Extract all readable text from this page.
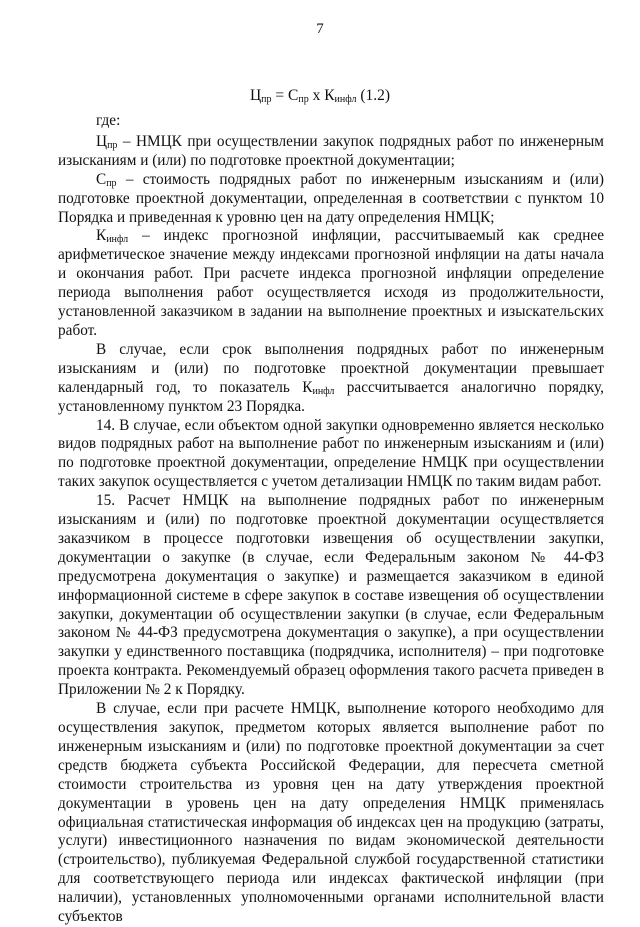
7
$Ц_{пр} = С_{пр}$ x $К_{инфл}$ (1.2)

где:

$Ц_{пр}$ – НМЦК при осуществлении закупок подрядных работ по инженерным изысканиям и (или) по подготовке проектной документации;

$С_{пр}$ – стоимость подрядных работ по инженерным изысканиям и (или) подготовке проектной документации, определенная в соответствии с пунктом 10 Порядка и приведенная к уровню цен на дату определения НМЦК;

$К_{инфл}$ – индекс прогнозной инфляции, рассчитываемый как среднее арифметическое значение между индексами прогнозной инфляции на даты начала и окончания работ. При расчете индекса прогнозной инфляции определение периода выполнения работ осуществляется исходя из продолжительности, установленной заказчиком в задании на выполнение проектных и изыскательских работ.

В случае, если срок выполнения подрядных работ по инженерным изысканиям и (или) по подготовке проектной документации превышает календарный год, то показатель $К_{инфл}$ рассчитывается аналогично порядку, установленному пунктом 23 Порядка.

14. В случае, если объектом одной закупки одновременно является несколько видов подрядных работ на выполнение работ по инженерным изысканиям и (или) по подготовке проектной документации, определение НМЦК при осуществлении таких закупок осуществляется с учетом детализации НМЦК по таким видам работ.

15. Расчет НМЦК на выполнение подрядных работ по инженерным изысканиям и (или) по подготовке проектной документации осуществляется заказчиком в процессе подготовки извещения об осуществлении закупки, документации о закупке (в случае, если Федеральным законом № 44-ФЗ предусмотрена документация о закупке) и размещается заказчиком в единой информационной системе в сфере закупок в составе извещения об осуществлении закупки, документации об осуществлении закупки (в случае, если Федеральным законом № 44-ФЗ предусмотрена документация о закупке), а при осуществлении закупки у единственного поставщика (подрядчика, исполнителя) – при подготовке проекта контракта. Рекомендуемый образец оформления такого расчета приведен в Приложении № 2 к Порядку.

В случае, если при расчете НМЦК, выполнение которого необходимо для осуществления закупок, предметом которых является выполнение работ по инженерным изысканиям и (или) по подготовке проектной документации за счет средств бюджета субъекта Российской Федерации, для пересчета сметной стоимости строительства из уровня цен на дату утверждения проектной документации в уровень цен на дату определения НМЦК применялась официальная статистическая информация об индексах цен на продукцию (затраты, услуги) инвестиционного назначения по видам экономической деятельности (строительство), публикуемая Федеральной службой государственной статистики для соответствующего периода или индексах фактической инфляции (при наличии), установленных уполномоченными органами исполнительной власти субъектов
